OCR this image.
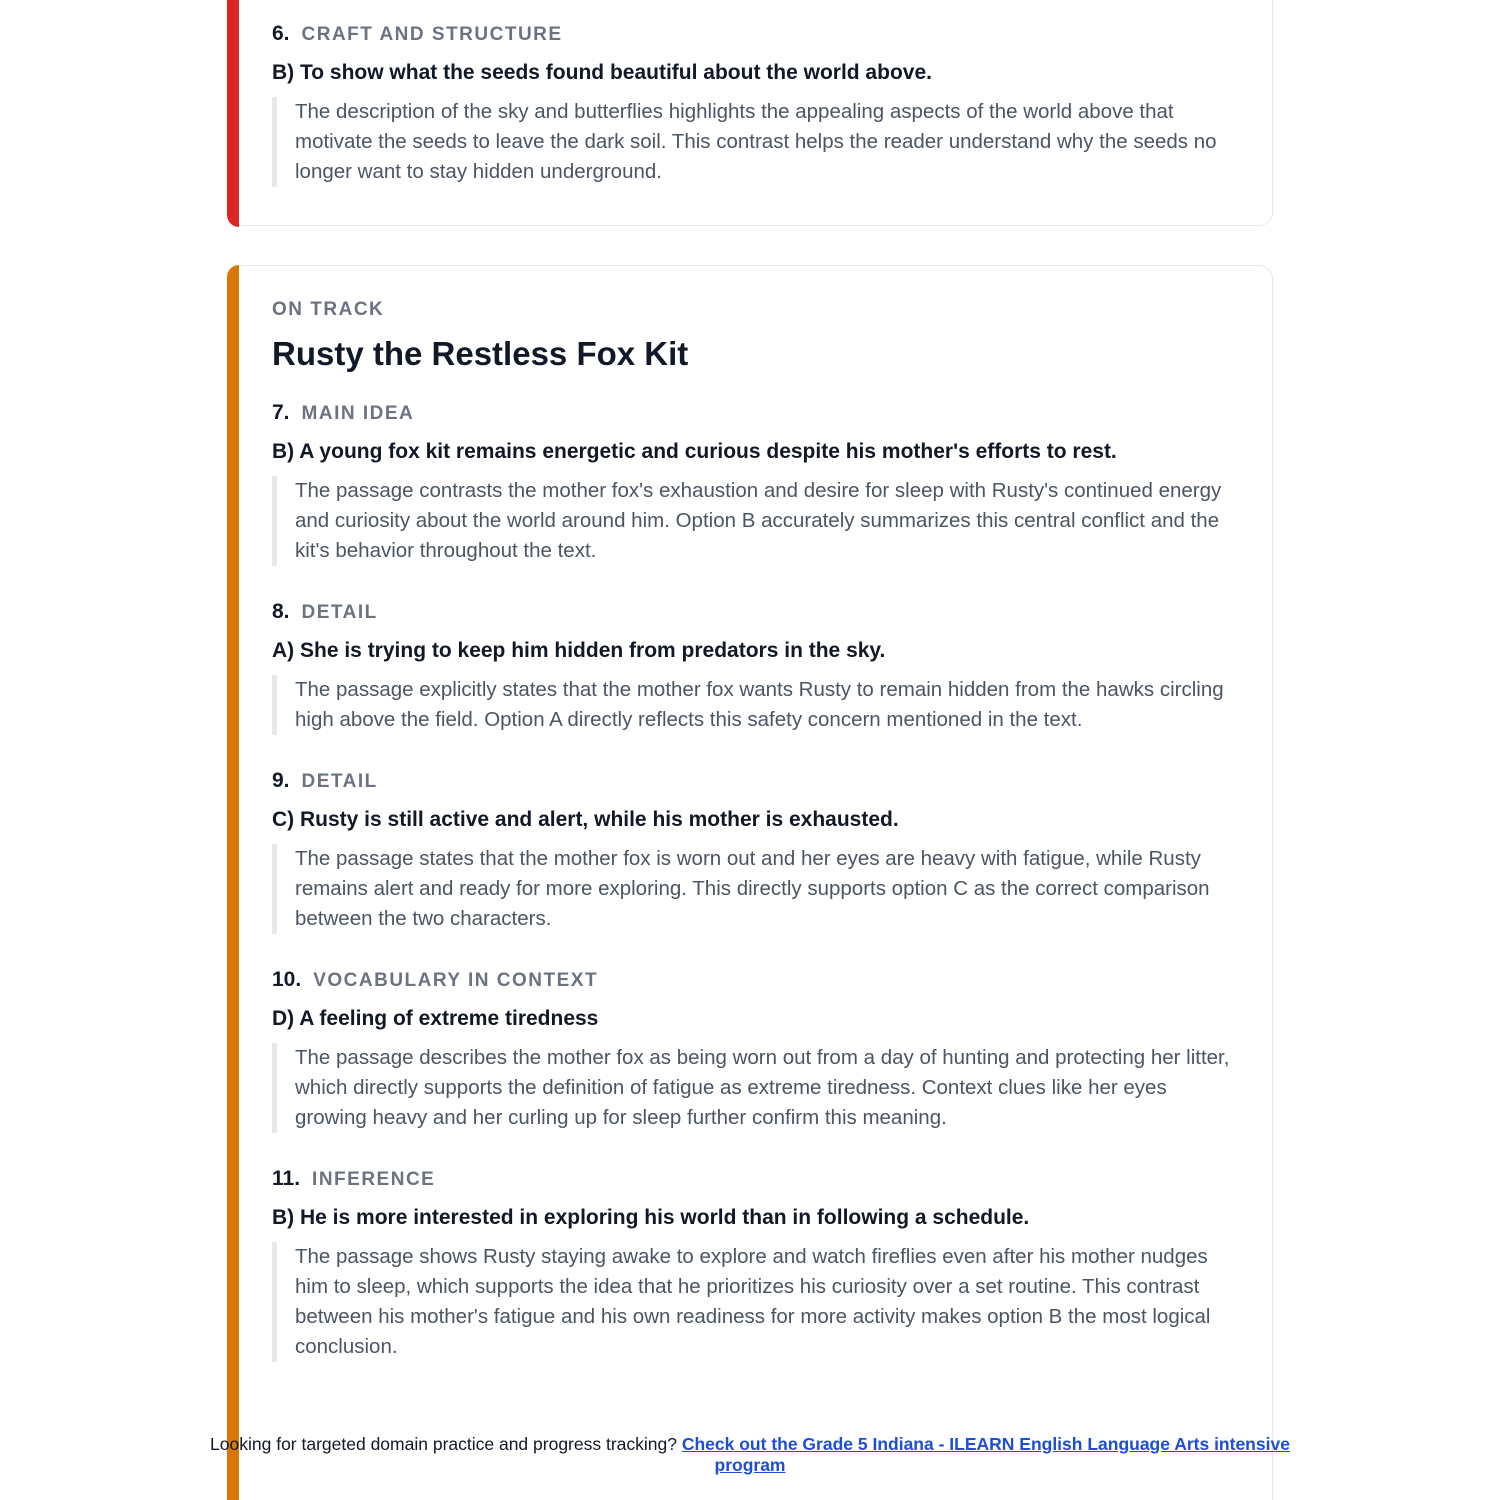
6. CRAFT AND STRUCTURE
B) To show what the seeds found beautiful about the world above.
The description of the sky and butterflies highlights the appealing aspects of the world above that motivate the seeds to leave the dark soil. This contrast helps the reader understand why the seeds no longer want to stay hidden underground.
ON TRACK
Rusty the Restless Fox Kit
7. MAIN IDEA
B) A young fox kit remains energetic and curious despite his mother's efforts to rest.
The passage contrasts the mother fox's exhaustion and desire for sleep with Rusty's continued energy and curiosity about the world around him. Option B accurately summarizes this central conflict and the kit's behavior throughout the text.
8. DETAIL
A) She is trying to keep him hidden from predators in the sky.
The passage explicitly states that the mother fox wants Rusty to remain hidden from the hawks circling high above the field. Option A directly reflects this safety concern mentioned in the text.
9. DETAIL
C) Rusty is still active and alert, while his mother is exhausted.
The passage states that the mother fox is worn out and her eyes are heavy with fatigue, while Rusty remains alert and ready for more exploring. This directly supports option C as the correct comparison between the two characters.
10. VOCABULARY IN CONTEXT
D) A feeling of extreme tiredness
The passage describes the mother fox as being worn out from a day of hunting and protecting her litter, which directly supports the definition of fatigue as extreme tiredness. Context clues like her eyes growing heavy and her curling up for sleep further confirm this meaning.
11. INFERENCE
B) He is more interested in exploring his world than in following a schedule.
The passage shows Rusty staying awake to explore and watch fireflies even after his mother nudges him to sleep, which supports the idea that he prioritizes his curiosity over a set routine. This contrast between his mother's fatigue and his own readiness for more activity makes option B the most logical conclusion.
Looking for targeted domain practice and progress tracking? Check out the Grade 5 Indiana - ILEARN English Language Arts intensive program
